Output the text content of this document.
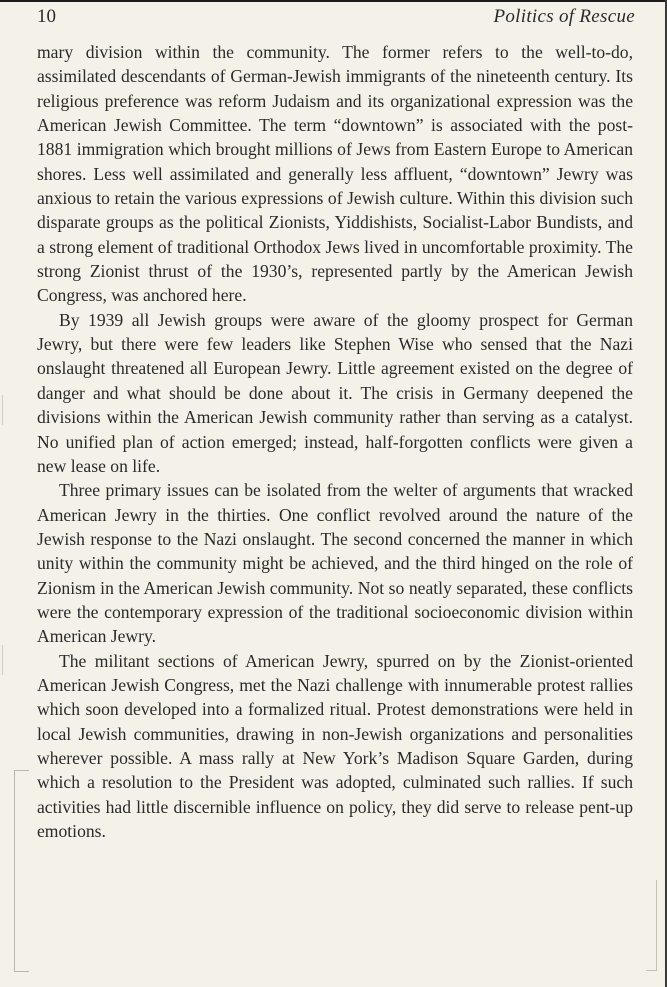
10	Politics of Rescue

mary division within the community. The former refers to the well-to-do, assimilated descendants of German-Jewish immigrants of the nineteenth century. Its religious preference was reform Judaism and its organizational expression was the American Jewish Committee. The term “downtown” is associated with the post-1881 immigration which brought millions of Jews from Eastern Europe to American shores. Less well assimilated and generally less affluent, “downtown” Jewry was anxious to retain the various expressions of Jewish culture. Within this division such disparate groups as the political Zionists, Yiddishists, Socialist-Labor Bundists, and a strong element of traditional Orthodox Jews lived in uncomfortable proximity. The strong Zionist thrust of the 1930’s, represented partly by the American Jewish Congress, was anchored here.

By 1939 all Jewish groups were aware of the gloomy prospect for German Jewry, but there were few leaders like Stephen Wise who sensed that the Nazi onslaught threatened all European Jewry. Little agreement existed on the degree of danger and what should be done about it. The crisis in Germany deepened the divisions within the American Jewish community rather than serving as a catalyst. No unified plan of action emerged; instead, half-forgotten conflicts were given a new lease on life.

Three primary issues can be isolated from the welter of arguments that wracked American Jewry in the thirties. One conflict revolved around the nature of the Jewish response to the Nazi onslaught. The second concerned the manner in which unity within the community might be achieved, and the third hinged on the role of Zionism in the American Jewish community. Not so neatly separated, these conflicts were the contemporary expression of the traditional socioeconomic division within American Jewry.

The militant sections of American Jewry, spurred on by the Zionist-oriented American Jewish Congress, met the Nazi challenge with innumerable protest rallies which soon developed into a formalized ritual. Protest demonstrations were held in local Jewish communities, drawing in non-Jewish organizations and personalities wherever possible. A mass rally at New York’s Madison Square Garden, during which a resolution to the President was adopted, culminated such rallies. If such activities had little discernible influence on policy, they did serve to release pent-up emotions.
